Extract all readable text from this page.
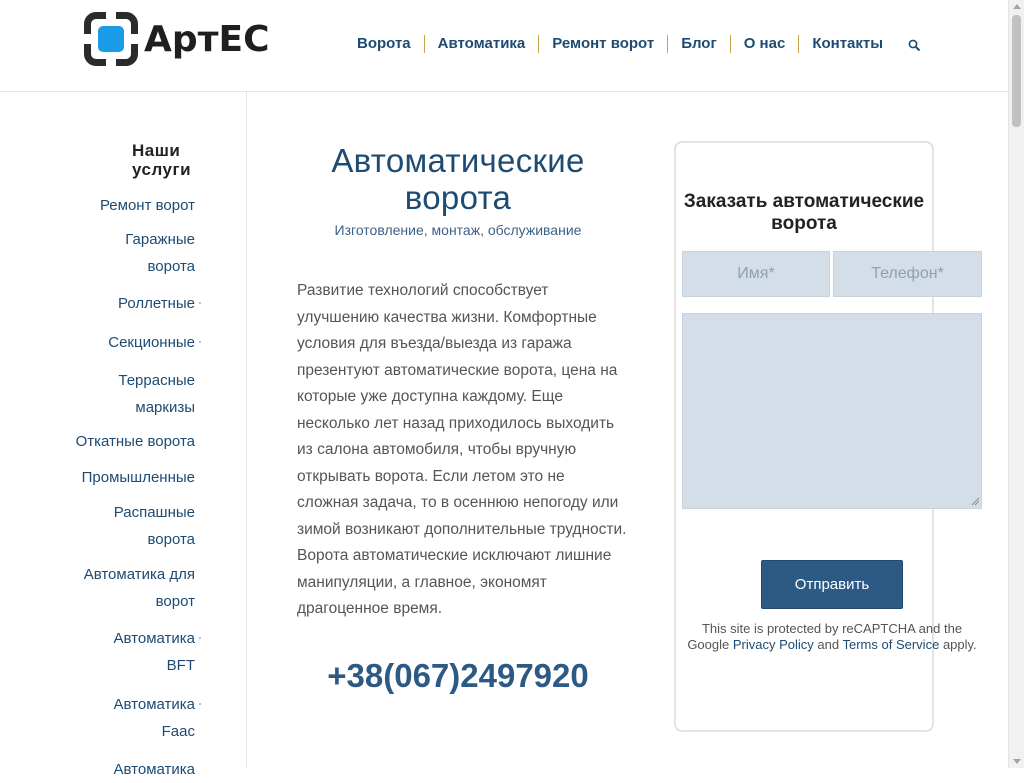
АртЕС	Ворота	Автоматика	Ремонт ворот	Блог	О нас	Контакты
Наши услуги
Ремонт ворот
Гаражные ворота
Роллетные
Секционные
Террасные маркизы
Откатные ворота
Промышленные
Распашные ворота
Автоматика для ворот
Автоматика BFT
Автоматика Faac
Автоматика
Автоматические ворота
Изготовление, монтаж, обслуживание

Развитие технологий способствует улучшению качества жизни. Комфортные условия для въезда/выезда из гаража презентуют автоматические ворота, цена на которые уже доступна каждому. Еще несколько лет назад приходилось выходить из салона автомобиля, чтобы вручную открывать ворота. Если летом это не сложная задача, то в осеннюю непогоду или зимой возникают дополнительные трудности. Ворота автоматические исключают лишние манипуляции, а главное, экономят драгоценное время.

+38(067)2497920
Заказать автоматические ворота
Имя*	Телефон*
Отправить
This site is protected by reCAPTCHA and the Google Privacy Policy and Terms of Service apply.
